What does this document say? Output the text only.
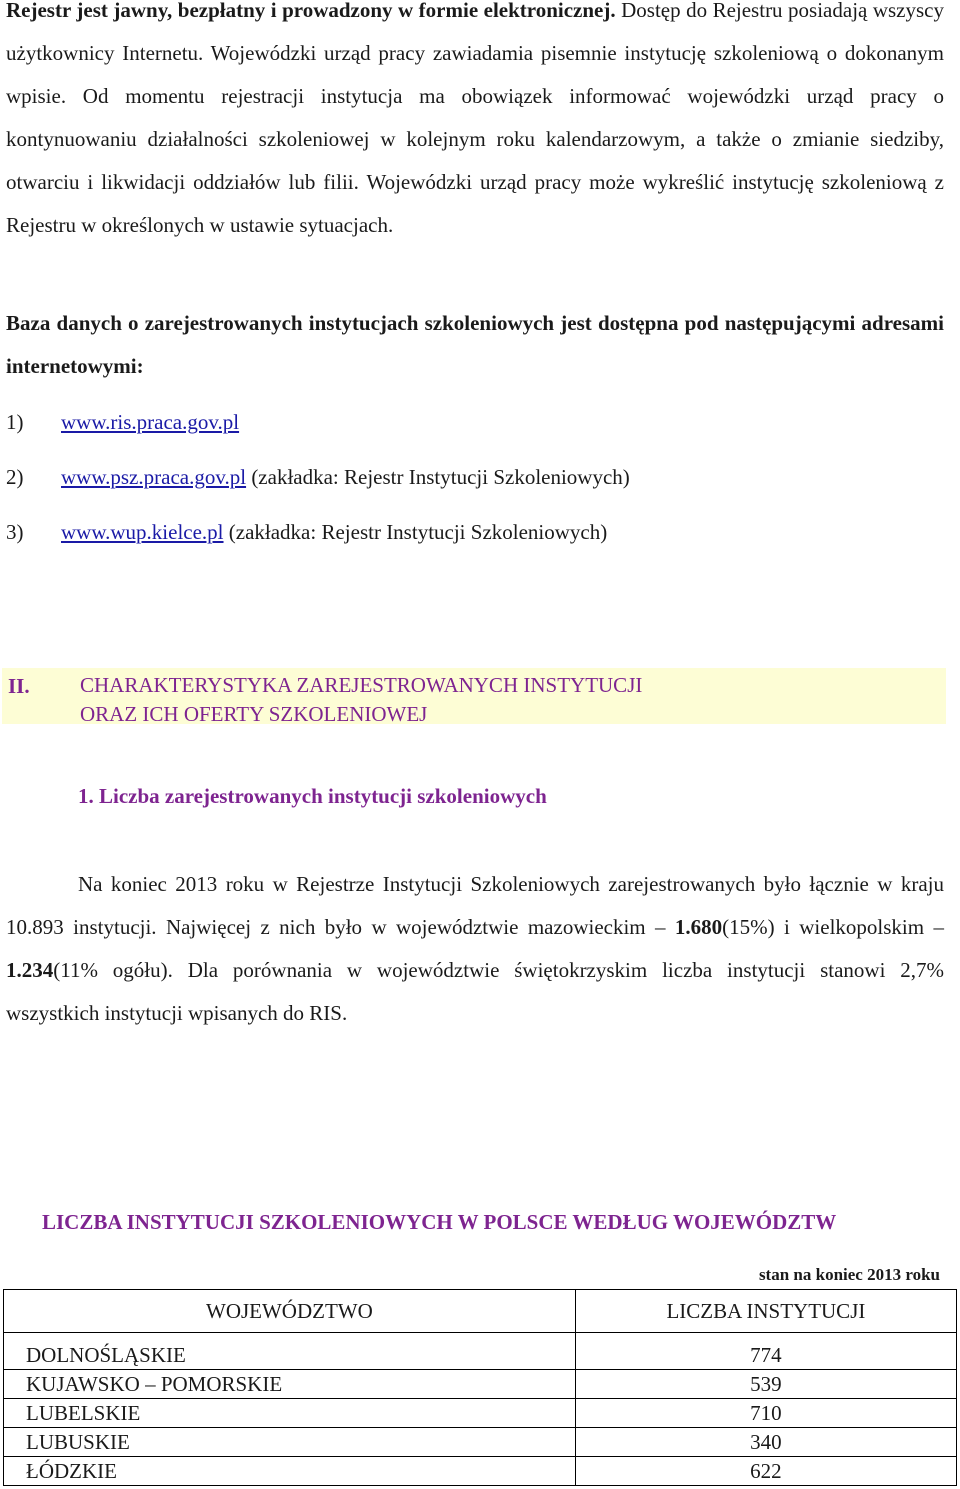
Rejestr jest jawny, bezpłatny i prowadzony w formie elektronicznej. Dostęp do Rejestru posiadają wszyscy użytkownicy Internetu. Wojewódzki urząd pracy zawiadamia pisemnie instytucję szkoleniową o dokonanym wpisie. Od momentu rejestracji instytucja ma obowiązek informować wojewódzki urząd pracy o kontynuowaniu działalności szkoleniowej w kolejnym roku kalendarzowym, a także o zmianie siedziby, otwarciu i likwidacji oddziałów lub filii. Wojewódzki urząd pracy może wykreślić instytucję szkoleniową z Rejestru w określonych w ustawie sytuacjach.

Baza danych o zarejestrowanych instytucjach szkoleniowych jest dostępna pod następującymi adresami internetowymi:

1) www.ris.praca.gov.pl

2) www.psz.praca.gov.pl (zakładka: Rejestr Instytucji Szkoleniowych)

3) www.wup.kielce.pl (zakładka: Rejestr Instytucji Szkoleniowych)

II. CHARAKTERYSTYKA ZAREJESTROWANYCH INSTYTUCJI
ORAZ ICH OFERTY SZKOLENIOWEJ

1. Liczba zarejestrowanych instytucji szkoleniowych

Na koniec 2013 roku w Rejestrze Instytucji Szkoleniowych zarejestrowanych było łącznie w kraju 10.893 instytucji. Najwięcej z nich było w województwie mazowieckim – 1.680(15%) i wielkopolskim – 1.234(11% ogółu). Dla porównania w województwie świętokrzyskim liczba instytucji stanowi 2,7% wszystkich instytucji wpisanych do RIS.

LICZBA INSTYTUCJI SZKOLENIOWYCH W POLSCE WEDŁUG WOJEWÓDZTW

stan na koniec 2013 roku

WOJEWÓDZTWO	LICZBA INSTYTUCJI
DOLNOŚLĄSKIE	774
KUJAWSKO – POMORSKIE	539
LUBELSKIE	710
LUBUSKIE	340
ŁÓDZKIE	622
